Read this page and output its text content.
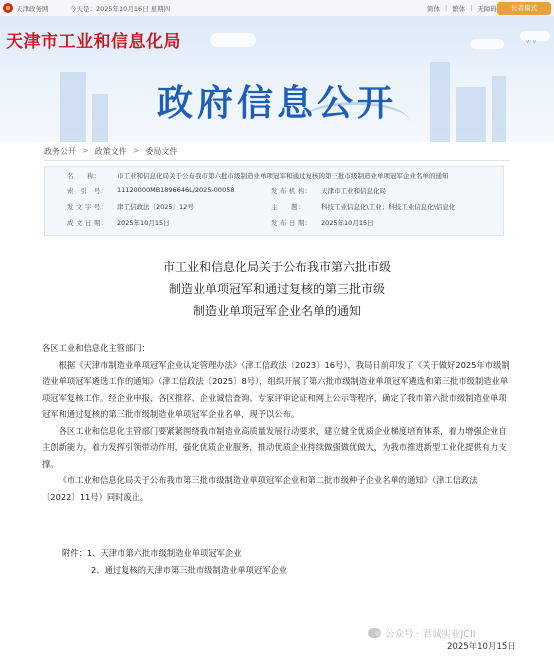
天津政务网	今天是：2025年10月16日 星期四	简体 | 繁体 | 无障碍	长者模式
ᵛ ᵛ
天津市工业和信息化局
政府信息公开
政务公开 > 政策文件 > 委局文件
名　　称：	市工业和信息化局关于公布我市第六批市级制造业单项冠军和通过复核的第三批市级制造业单项冠军企业名单的通知
索　引　号： 11120000MB1896646L/2025-00058	发 布 机 构： 天津市工业和信息化局
发 文 字 号： 津工信政法〔2025〕12号	主　　题：	科技工业信息化\工业；科技工业信息化\信息化
成 文 日 期： 2025年10月15日	发 布 日 期： 2025年10月15日
市工业和信息化局关于公布我市第六批市级
制造业单项冠军和通过复核的第三批市级
制造业单项冠军企业名单的通知

各区工业和信息化主管部门：

根据《天津市制造业单项冠军企业认定管理办法》（津工信政法〔2023〕16号），我局日前印发了《关于做好2025年市级制造业单项冠军遴选工作的通知》（津工信政法〔2025〕8号），组织开展了第六批市级制造业单项冠军遴选和第三批市级制造业单项冠军复核工作。经企业申报、各区推荐、企业诚信查询、专家评审论证和网上公示等程序，确定了我市第六批市级制造业单项冠军和通过复核的第三批市级制造业单项冠军企业名单，现予以公布。

各区工业和信息化主管部门要紧紧围绕我市制造业高质量发展行动要求，建立健全优质企业梯度培育体系，着力增强企业自主创新能力，着力发挥引领带动作用，强化优质企业服务，推动优质企业持续做强做优做大，为我市推进新型工业化提供有力支撑。

《市工业和信息化局关于公布我市第三批市级制造业单项冠军企业和第二批市级种子企业名单的通知》（津工信政法〔2022〕11号）同时废止。

附件：1、天津市第六批市级制造业单项冠军企业
2、通过复核的天津市第三批市级制造业单项冠军企业
公众号 · 君诚实业JCII
2025年10月15日
